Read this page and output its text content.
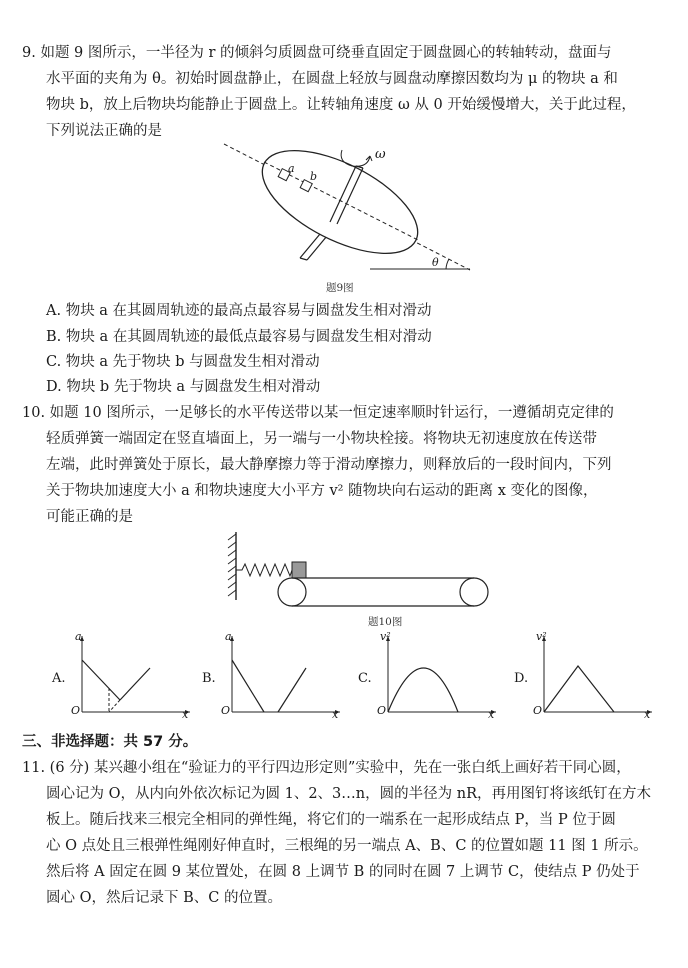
9. 如题 9 图所示，一半径为 r 的倾斜匀质圆盘可绕垂直固定于圆盘圆心的转轴转动，盘面与
水平面的夹角为 θ。初始时圆盘静止，在圆盘上轻放与圆盘动摩擦因数均为 μ 的物块 a 和
物块 b，放上后物块均能静止于圆盘上。让转轴角速度 ω 从 0 开始缓慢增大，关于此过程，
下列说法正确的是
ω
a
b
θ
题9图
A. 物块 a 在其圆周轨迹的最高点最容易与圆盘发生相对滑动
B. 物块 a 在其圆周轨迹的最低点最容易与圆盘发生相对滑动
C. 物块 a 先于物块 b 与圆盘发生相对滑动
D. 物块 b 先于物块 a 与圆盘发生相对滑动
10. 如题 10 图所示，一足够长的水平传送带以某一恒定速率顺时针运行，一遵循胡克定律的
轻质弹簧一端固定在竖直墙面上，另一端与一小物块栓接。将物块无初速度放在传送带
左端，此时弹簧处于原长，最大静摩擦力等于滑动摩擦力，则释放后的一段时间内，下列
关于物块加速度大小 a 和物块速度大小平方 v² 随物块向右运动的距离 x 变化的图像，
可能正确的是
题10图
A.
a
O	x
B.
a
O	x
C.
v²
O	x
D.
v²
O	x
三、非选择题：共 57 分。
11. (6 分) 某兴趣小组在“验证力的平行四边形定则”实验中，先在一张白纸上画好若干同心圆，
圆心记为 O，从内向外依次标记为圆 1、2、3…n，圆的半径为 nR，再用图钉将该纸钉在方木
板上。随后找来三根完全相同的弹性绳，将它们的一端系在一起形成结点 P，当 P 位于圆
心 O 点处且三根弹性绳刚好伸直时，三根绳的另一端点 A、B、C 的位置如题 11 图 1 所示。
然后将 A 固定在圆 9 某位置处，在圆 8 上调节 B 的同时在圆 7 上调节 C，使结点 P 仍处于
圆心 O，然后记录下 B、C 的位置。
